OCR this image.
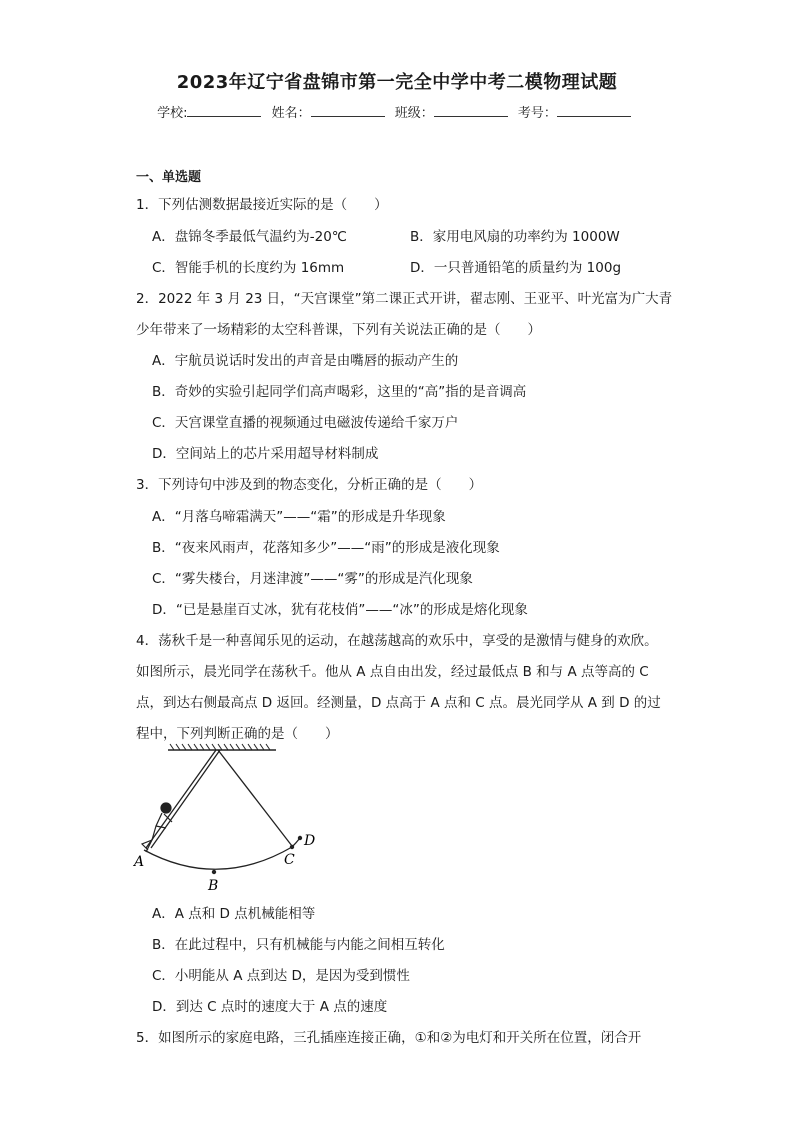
2023年辽宁省盘锦市第一完全中学中考二模物理试题
学校:	姓名：	班级：	考号：
一、单选题
1．下列估测数据最接近实际的是（　　）
A．盘锦冬季最低气温约为-20℃	B．家用电风扇的功率约为 1000W
C．智能手机的长度约为 16mm	D．一只普通铅笔的质量约为 100g
2．2022 年 3 月 23 日，“天宫课堂”第二课正式开讲，翟志刚、王亚平、叶光富为广大青
少年带来了一场精彩的太空科普课，下列有关说法正确的是（　　）
A．宇航员说话时发出的声音是由嘴唇的振动产生的
B．奇妙的实验引起同学们高声喝彩，这里的“高”指的是音调高
C．天宫课堂直播的视频通过电磁波传递给千家万户
D．空间站上的芯片采用超导材料制成
3．下列诗句中涉及到的物态变化，分析正确的是（　　）
A．“月落乌啼霜满天”——“霜”的形成是升华现象
B．“夜来风雨声，花落知多少”——“雨”的形成是液化现象
C．“雾失楼台，月迷津渡”——“雾”的形成是汽化现象
D．“已是悬崖百丈冰，犹有花枝俏”——“冰”的形成是熔化现象
4．荡秋千是一种喜闻乐见的运动，在越荡越高的欢乐中，享受的是激情与健身的欢欣。
如图所示，晨光同学在荡秋千。他从 A 点自由出发，经过最低点 B 和与 A 点等高的 C
点，到达右侧最高点 D 返回。经测量，D 点高于 A 点和 C 点。晨光同学从 A 到 D 的过
程中，下列判断正确的是（　　）
A
B
C
D
A．A 点和 D 点机械能相等
B．在此过程中，只有机械能与内能之间相互转化
C．小明能从 A 点到达 D，是因为受到惯性
D．到达 C 点时的速度大于 A 点的速度
5．如图所示的家庭电路，三孔插座连接正确，①和②为电灯和开关所在位置，闭合开
